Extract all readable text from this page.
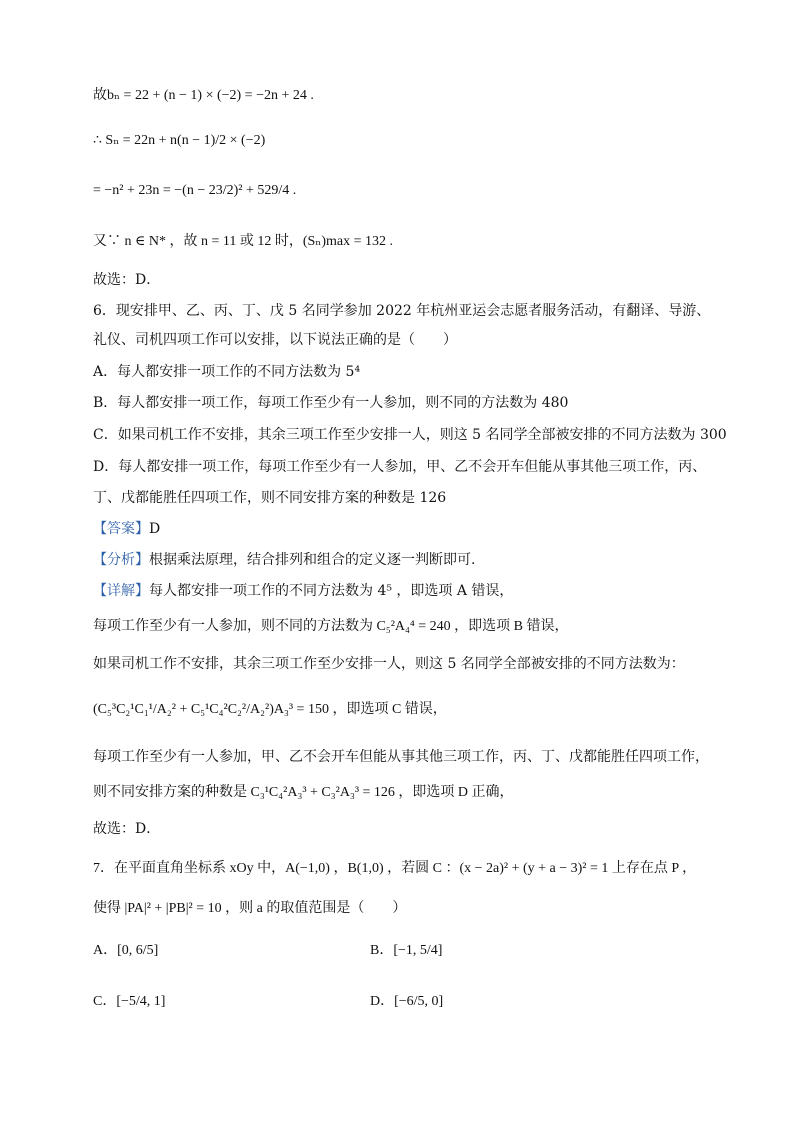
故bₙ = 22 + (n − 1) × (−2) = −2n + 24 .
∴ Sₙ = 22n + n(n − 1)/2 × (−2)
= −n² + 23n = −(n − 23/2)² + 529/4 .
又∵ n ∈ N* ，故 n = 11 或 12 时，(Sₙ)max = 132 .
故选：D．
6．现安排甲、乙、丙、丁、戊 5 名同学参加 2022 年杭州亚运会志愿者服务活动，有翻译、导游、
礼仪、司机四项工作可以安排，以下说法正确的是（　　）
A．每人都安排一项工作的不同方法数为 5⁴
B．每人都安排一项工作，每项工作至少有一人参加，则不同的方法数为 480
C．如果司机工作不安排，其余三项工作至少安排一人，则这 5 名同学全部被安排的不同方法数为 300
D．每人都安排一项工作，每项工作至少有一人参加，甲、乙不会开车但能从事其他三项工作，丙、
丁、戊都能胜任四项工作，则不同安排方案的种数是 126
【答案】D
【分析】根据乘法原理，结合排列和组合的定义逐一判断即可.
【详解】每人都安排一项工作的不同方法数为 4⁵ ，即选项 A 错误，
每项工作至少有一人参加，则不同的方法数为 C₅²A₄⁴ = 240 ，即选项 B 错误，
如果司机工作不安排，其余三项工作至少安排一人，则这 5 名同学全部被安排的不同方法数为：
(C₅³C₂¹C₁¹/A₂² + C₅¹C₄²C₂²/A₂²)A₃³ = 150 ，即选项 C 错误，
每项工作至少有一人参加，甲、乙不会开车但能从事其他三项工作，丙、丁、戊都能胜任四项工作，
则不同安排方案的种数是 C₃¹C₄²A₃³ + C₃²A₃³ = 126 ，即选项 D 正确，
故选：D．
7．在平面直角坐标系 xOy 中，A(−1,0) ，B(1,0) ，若圆 C ：(x − 2a)² + (y + a − 3)² = 1 上存在点 P ，
使得 |PA|² + |PB|² = 10 ，则 a 的取值范围是（　　）
A．[0, 6/5]	B．[−1, 5/4]
C．[−5/4, 1]	D．[−6/5, 0]
